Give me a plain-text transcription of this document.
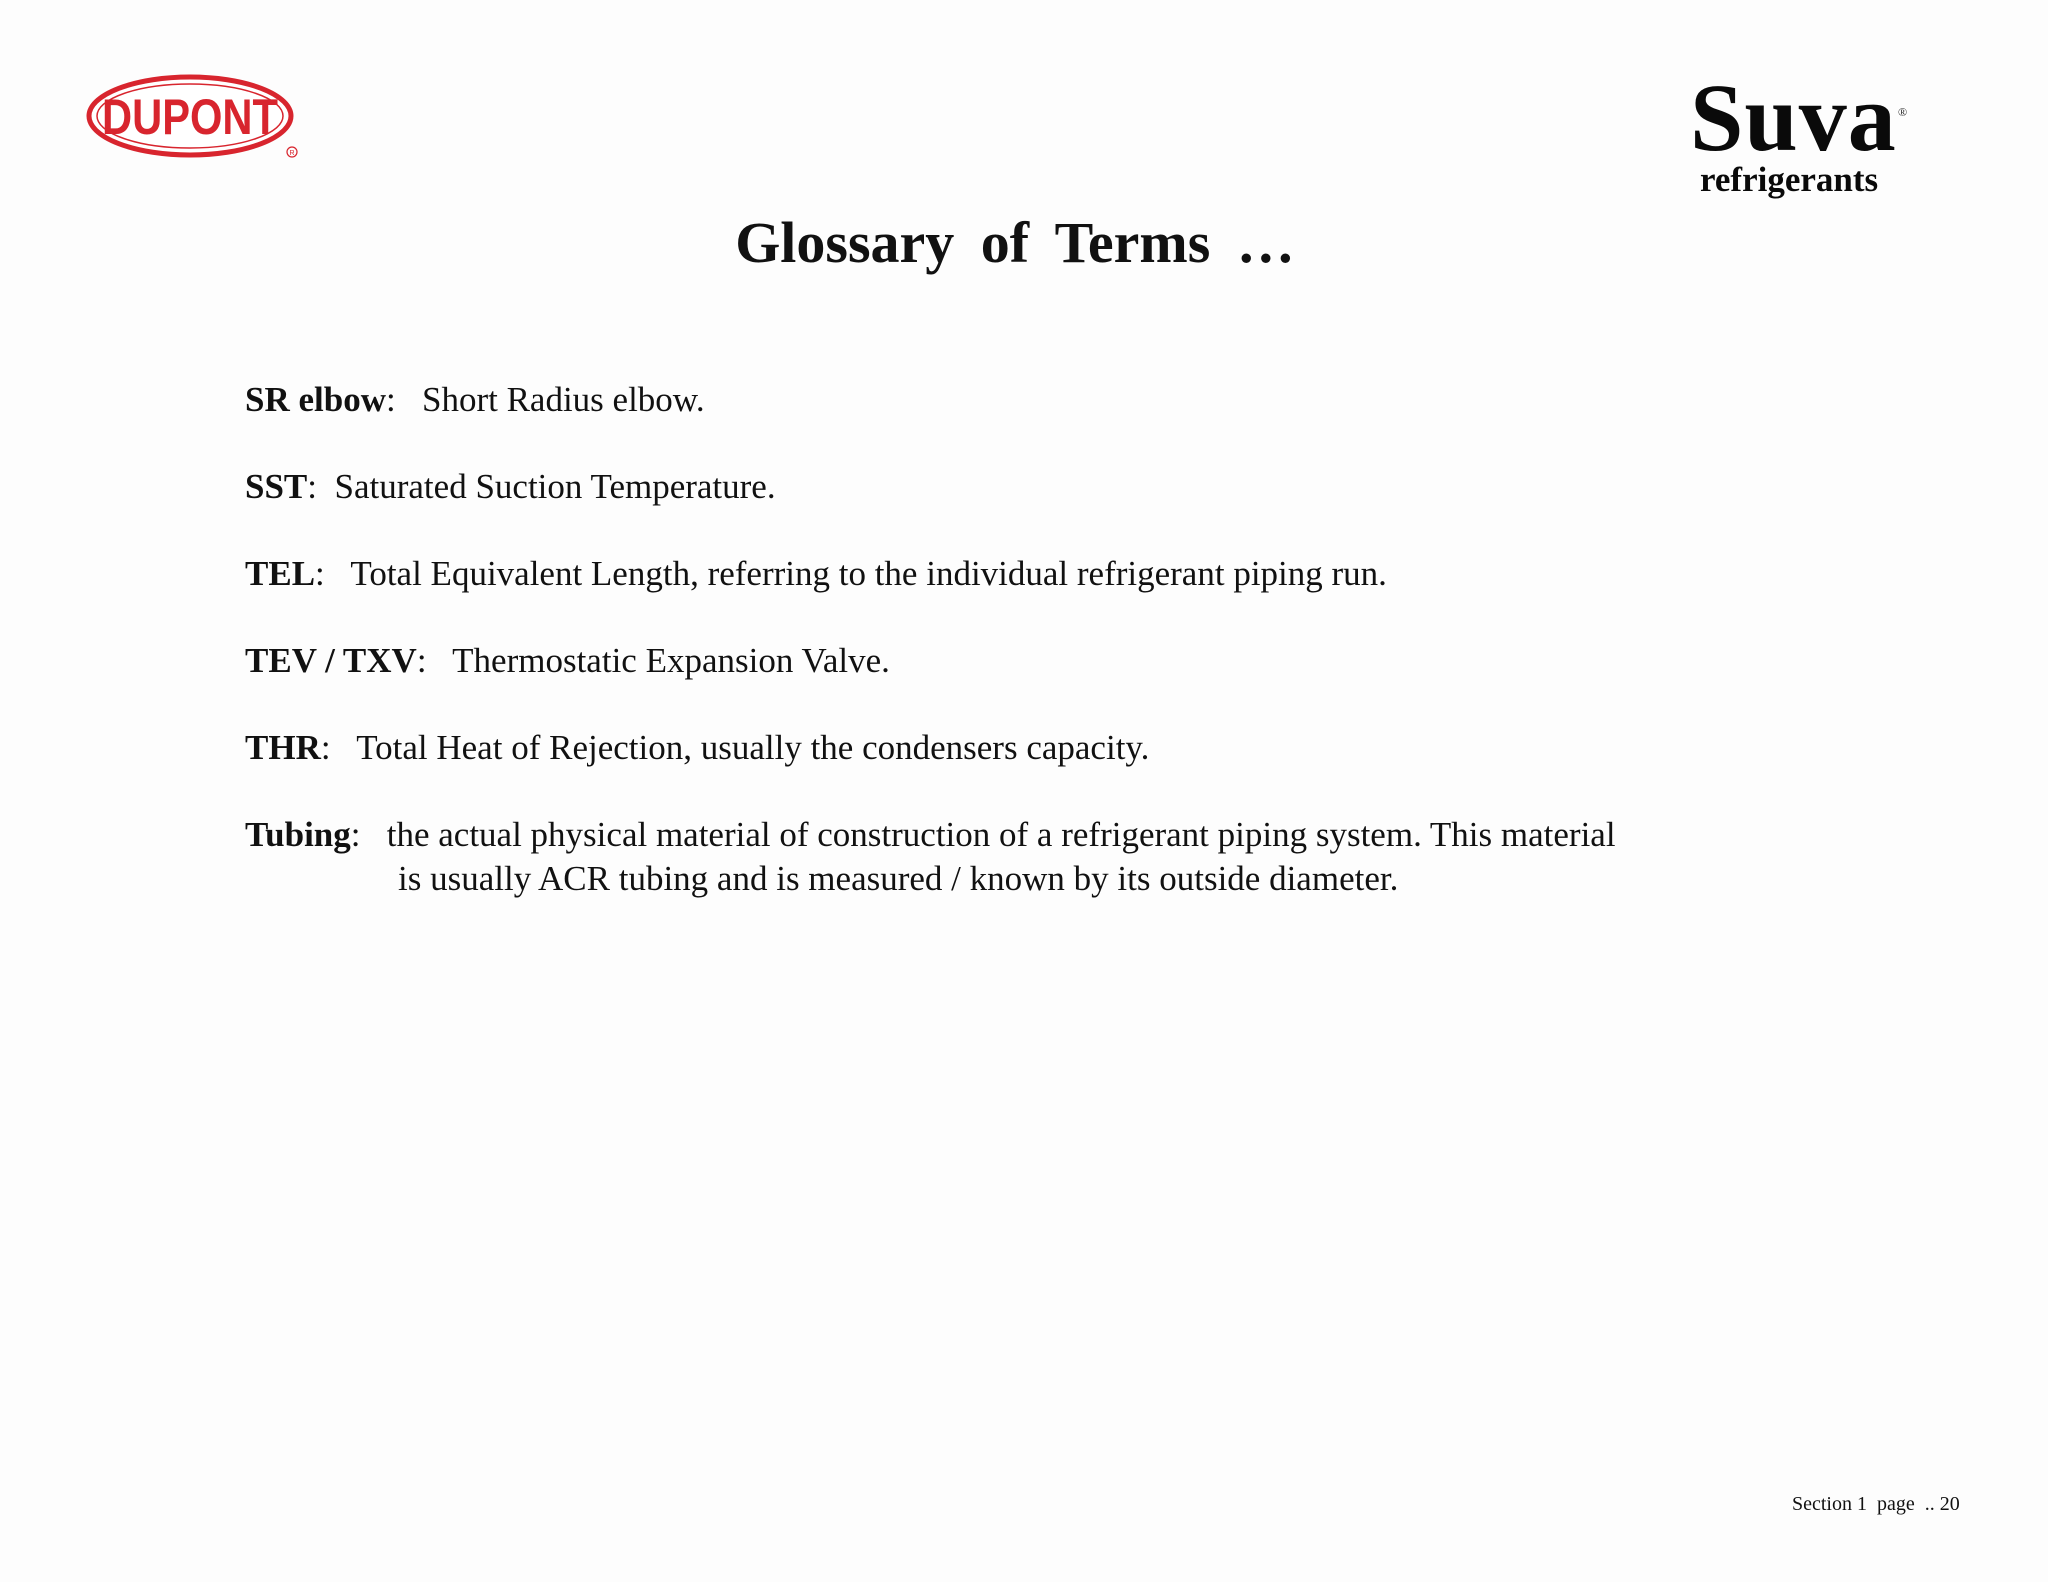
DUPONT
R	Suva ®
refrigerants
Glossary of Terms …

SR elbow:   Short Radius elbow.

SST:  Saturated Suction Temperature.

TEL:   Total Equivalent Length, referring to the individual refrigerant piping run.

TEV / TXV:   Thermostatic Expansion Valve.

THR:   Total Heat of Rejection, usually the condensers capacity.

Tubing:   the actual physical material of construction of a refrigerant piping system. This material
is usually ACR tubing and is measured / known by its outside diameter.

Section 1  page  .. 20
